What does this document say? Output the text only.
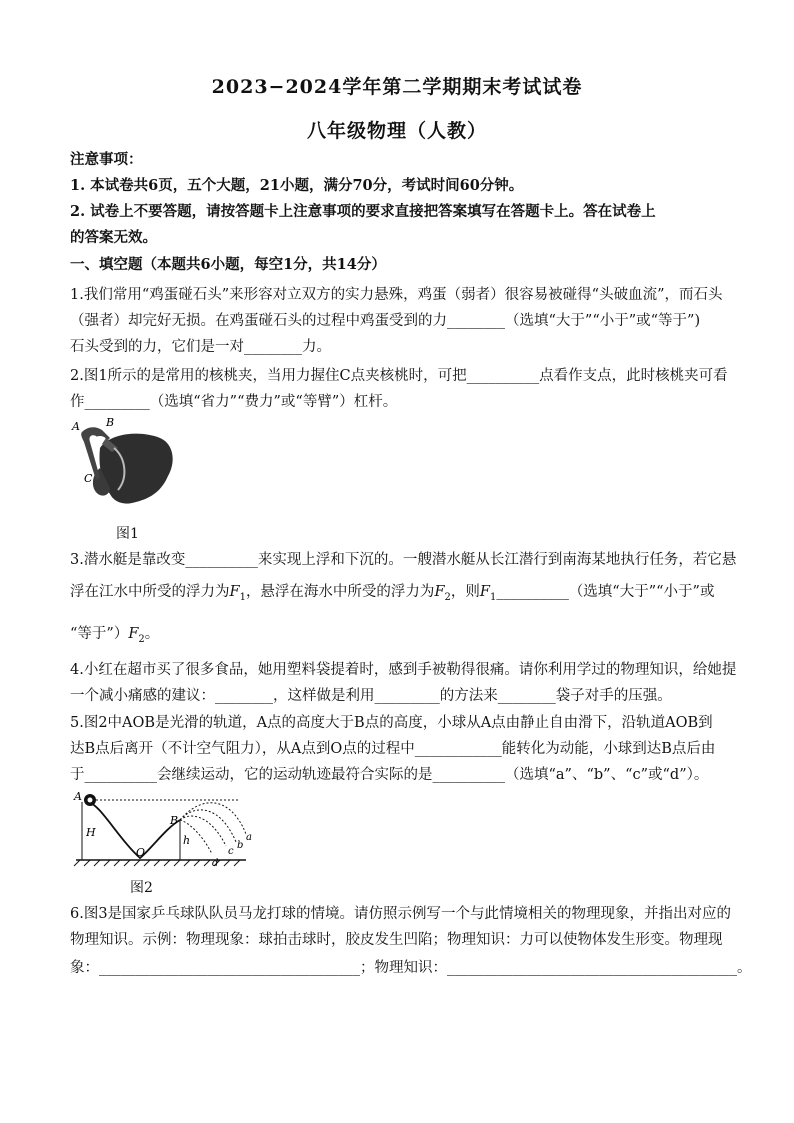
2023−2024学年第二学期期末考试试卷
八年级物理（人教）
注意事项：
1. 本试卷共6页，五个大题，21小题，满分70分，考试时间60分钟。
2. 试卷上不要答题，请按答题卡上注意事项的要求直接把答案填写在答题卡上。答在试卷上
的答案无效。
一、填空题（本题共6小题，每空1分，共14分）
1.我们常用“鸡蛋碰石头”来形容对立双方的实力悬殊，鸡蛋（弱者）很容易被碰得“头破血流”，而石头
（强者）却完好无损。在鸡蛋碰石头的过程中鸡蛋受到的力________（选填“大于”“小于”或“等于”)
石头受到的力，它们是一对________力。
2.图1所示的是常用的核桃夹，当用力握住C点夹核桃时，可把__________点看作支点，此时核桃夹可看
作_________（选填“省力”“费力”或“等臂”）杠杆。
A B
C
图1
3.潜水艇是靠改变__________来实现上浮和下沉的。一艘潜水艇从长江潜行到南海某地执行任务，若它悬
浮在江水中所受的浮力为$F_1$，悬浮在海水中所受的浮力为$F_2$，则$F_1\_\_\_\_\_\_\_\_\_\_$（选填“大于”“小于”或
“等于$”)F_2$。
4.小红在超市买了很多食品，她用塑料袋提着时，感到手被勒得很痛。请你利用学过的物理知识，给她提
一个减小痛感的建议：________，这样做是利用_________的方法来________袋子对手的压强。
5.图2中AOB是光滑的轨道，A点的高度大于B点的高度，小球从A点由静止自由滑下，沿轨道AOB到
达B点后离开（不计空气阻力），从A点到O点的过程中____________能转化为动能，小球到达B点后由
于__________会继续运动，它的运动轨迹最符合实际的是__________（选填“a”、“b”、“c”或“d”）。
A
B
O
H
h	a
b
c
d
图2
6.图3是国家乒乓球队队员马龙打球的情境。请仿照示例写一个与此情境相关的物理现象，并指出对应的
物理知识。示例：物理现象：球拍击球时，胶皮发生凹陷；物理知识：力可以使物体发生形变。物理现
象：____________________________________；物理知识：________________________________________。
